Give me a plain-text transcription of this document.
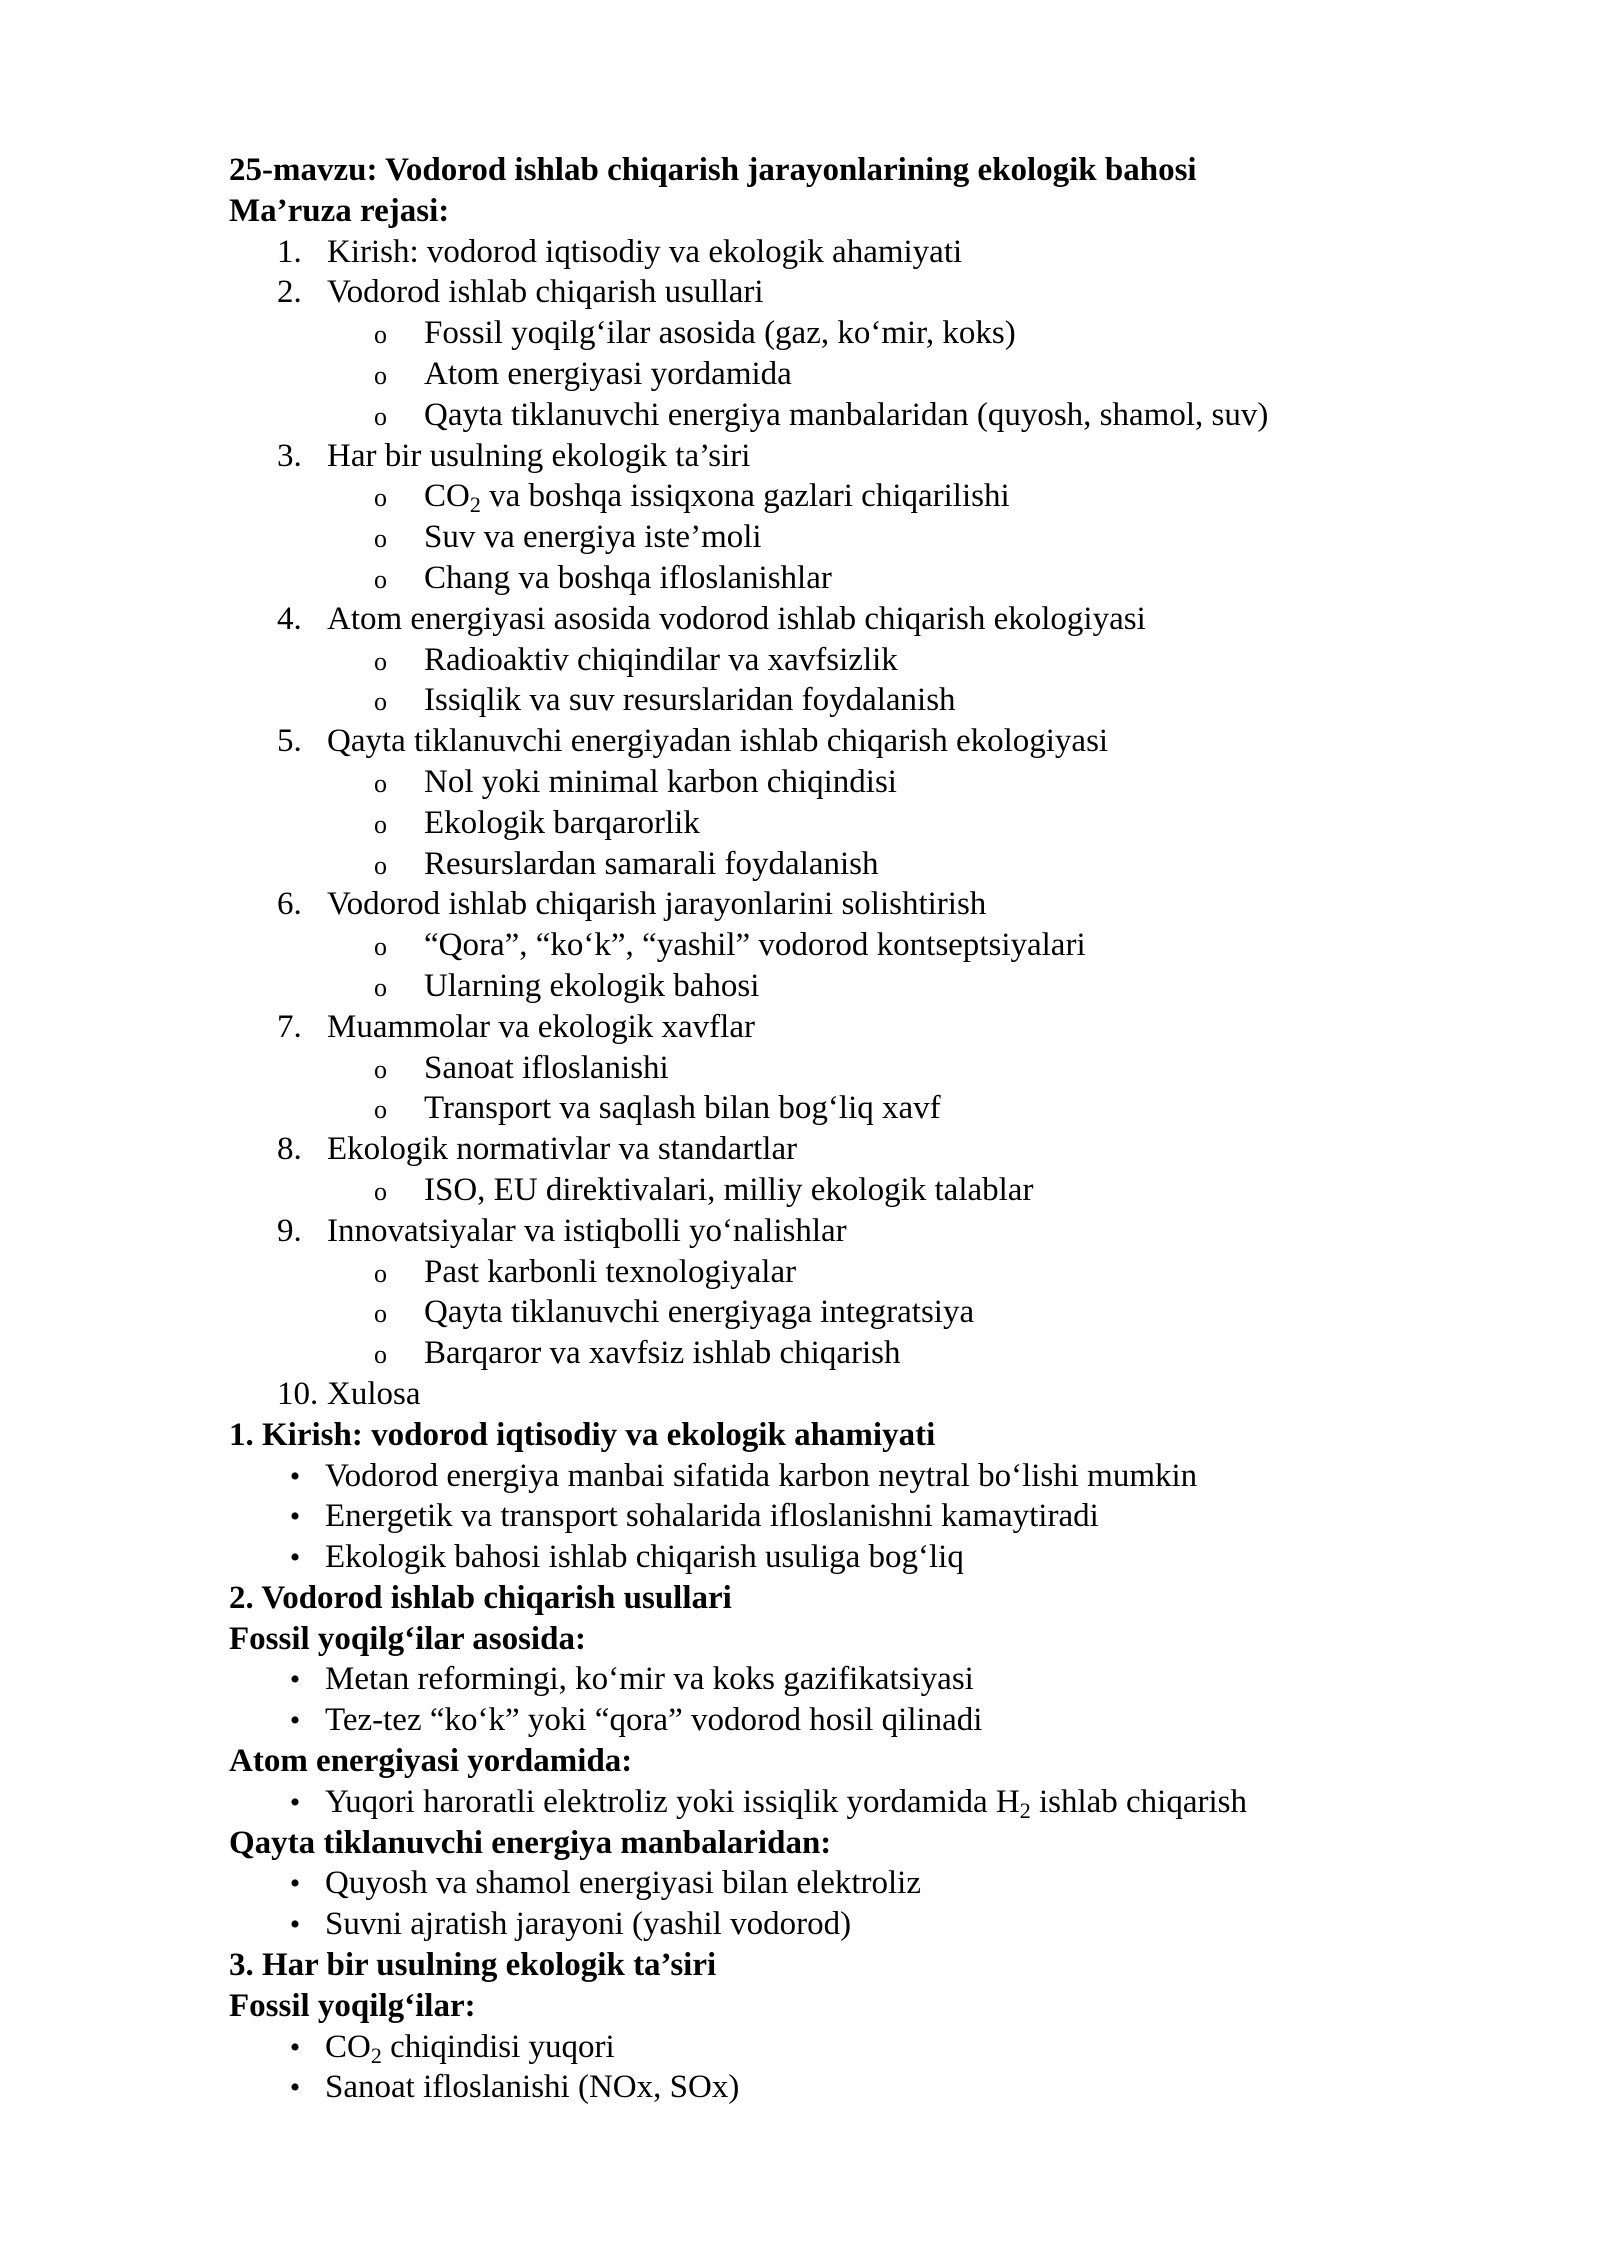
25-mavzu: Vodorod ishlab chiqarish jarayonlarining ekologik bahosi
Ma’ruza rejasi:
1. Kirish: vodorod iqtisodiy va ekologik ahamiyati
2. Vodorod ishlab chiqarish usullari
o Fossil yoqilg‘ilar asosida (gaz, ko‘mir, koks)
o Atom energiyasi yordamida
o Qayta tiklanuvchi energiya manbalaridan (quyosh, shamol, suv)
3. Har bir usulning ekologik ta’siri
o $CO_2$ va boshqa issiqxona gazlari chiqarilishi
o Suv va energiya iste’moli
o Chang va boshqa ifloslanishlar
4. Atom energiyasi asosida vodorod ishlab chiqarish ekologiyasi
o Radioaktiv chiqindilar va xavfsizlik
o Issiqlik va suv resurslaridan foydalanish
5. Qayta tiklanuvchi energiyadan ishlab chiqarish ekologiyasi
o Nol yoki minimal karbon chiqindisi
o Ekologik barqarorlik
o Resurslardan samarali foydalanish
6. Vodorod ishlab chiqarish jarayonlarini solishtirish
o “Qora”, “ko‘k”, “yashil” vodorod kontseptsiyalari
o Ularning ekologik bahosi
7. Muammolar va ekologik xavflar
o Sanoat ifloslanishi
o Transport va saqlash bilan bog‘liq xavf
8. Ekologik normativlar va standartlar
o ISO, EU direktivalari, milliy ekologik talablar
9. Innovatsiyalar va istiqbolli yo‘nalishlar
o Past karbonli texnologiyalar
o Qayta tiklanuvchi energiyaga integratsiya
o Barqaror va xavfsiz ishlab chiqarish
10. Xulosa
1. Kirish: vodorod iqtisodiy va ekologik ahamiyati
• Vodorod energiya manbai sifatida karbon neytral bo‘lishi mumkin
• Energetik va transport sohalarida ifloslanishni kamaytiradi
• Ekologik bahosi ishlab chiqarish usuliga bog‘liq
2. Vodorod ishlab chiqarish usullari
Fossil yoqilg‘ilar asosida:
• Metan reformingi, ko‘mir va koks gazifikatsiyasi
• Tez-tez “ko‘k” yoki “qora” vodorod hosil qilinadi
Atom energiyasi yordamida:
• Yuqori haroratli elektroliz yoki issiqlik yordamida $H_2$ ishlab chiqarish
Qayta tiklanuvchi energiya manbalaridan:
• Quyosh va shamol energiyasi bilan elektroliz
• Suvni ajratish jarayoni (yashil vodorod)
3. Har bir usulning ekologik ta’siri
Fossil yoqilg‘ilar:
• $CO_2$ chiqindisi yuqori
• Sanoat ifloslanishi (NOx, SOx)
